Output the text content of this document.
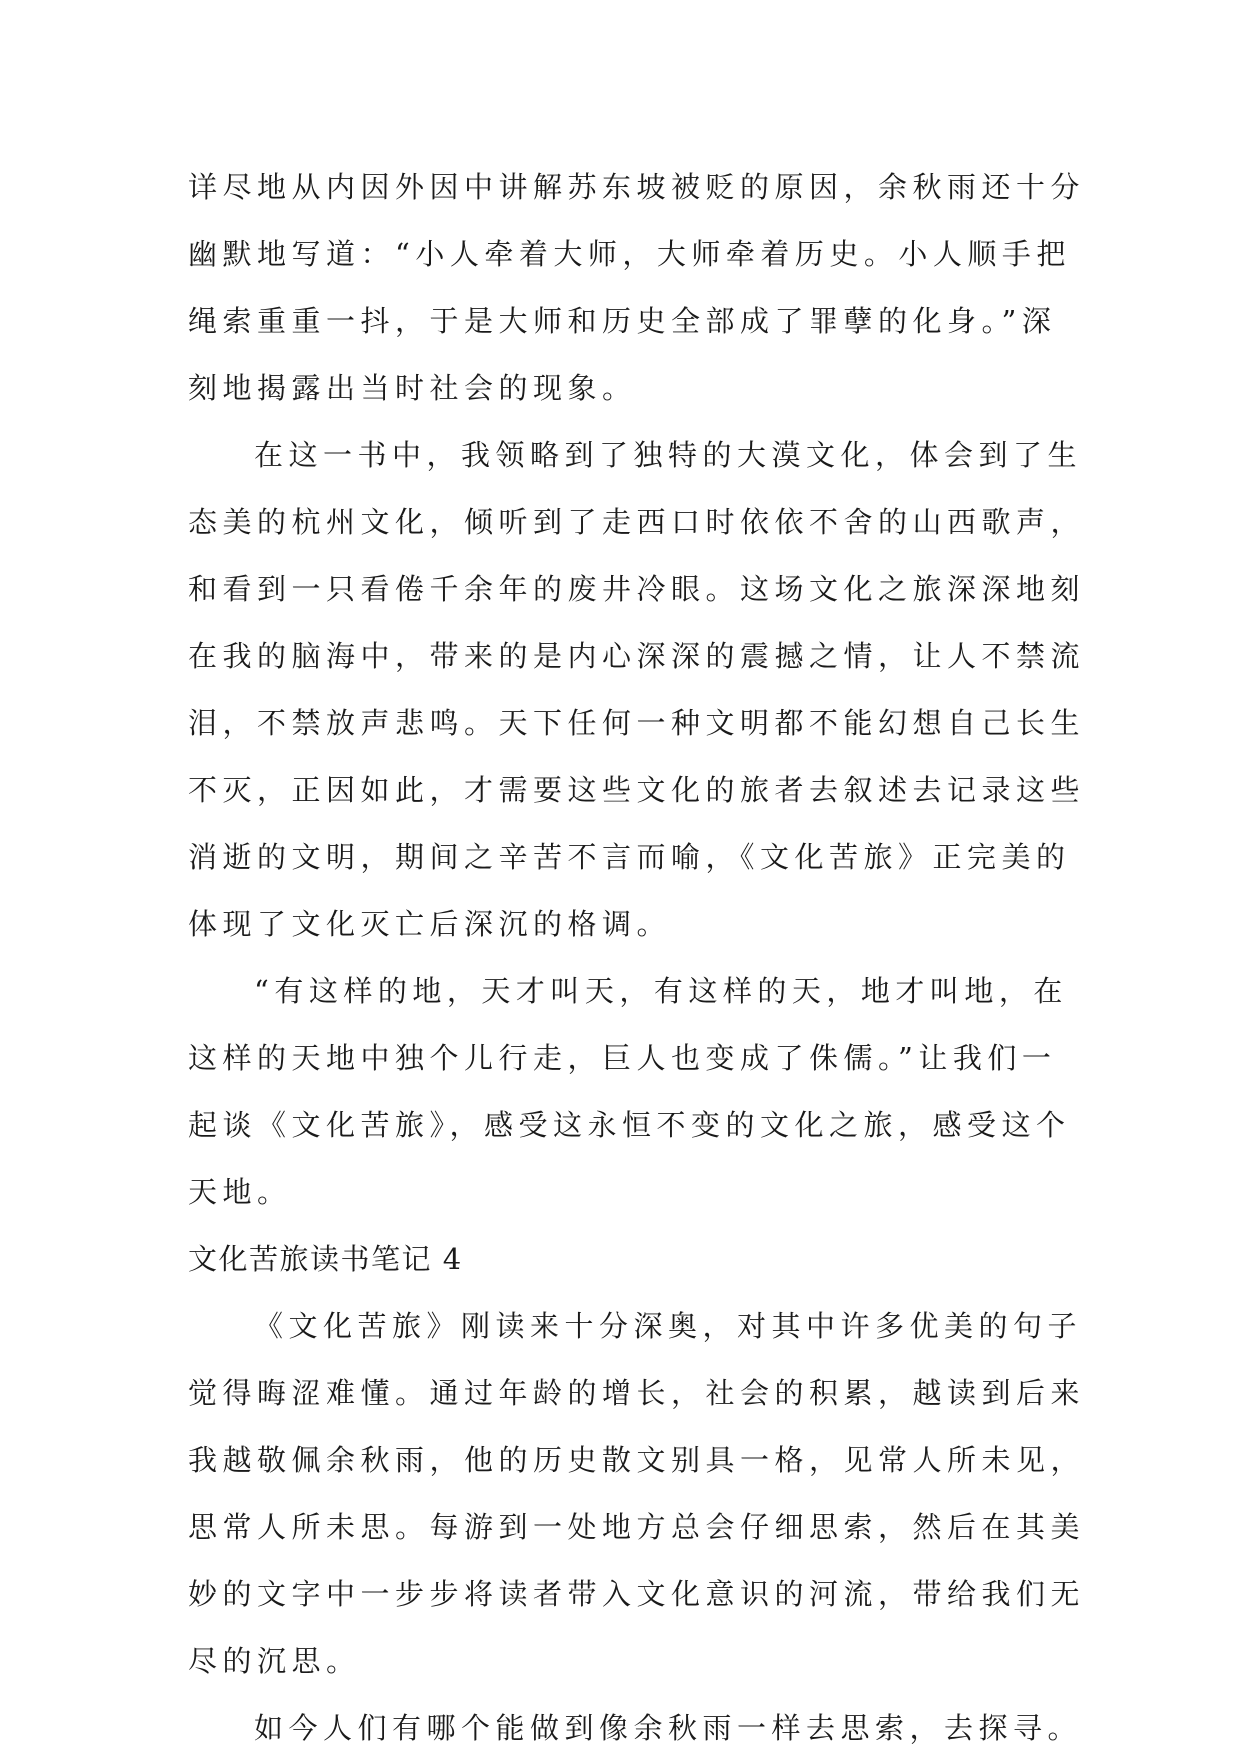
详尽地从内因外因中讲解苏东坡被贬的原因，余秋雨还十分
幽默地写道：“小人牵着大师，大师牵着历史。小人顺手把
绳索重重一抖，于是大师和历史全部成了罪孽的化身。”深
刻地揭露出当时社会的现象。
在这一书中，我领略到了独特的大漠文化，体会到了生
态美的杭州文化，倾听到了走西口时依依不舍的山西歌声，
和看到一只看倦千余年的废井冷眼。这场文化之旅深深地刻
在我的脑海中，带来的是内心深深的震撼之情，让人不禁流
泪，不禁放声悲鸣。天下任何一种文明都不能幻想自己长生
不灭，正因如此，才需要这些文化的旅者去叙述去记录这些
消逝的文明，期间之辛苦不言而喻，《文化苦旅》正完美的
体现了文化灭亡后深沉的格调。
“有这样的地，天才叫天，有这样的天，地才叫地，在
这样的天地中独个儿行走，巨人也变成了侏儒。”让我们一
起谈《文化苦旅》，感受这永恒不变的文化之旅，感受这个
天地。
文化苦旅读书笔记 4
《文化苦旅》刚读来十分深奥，对其中许多优美的句子
觉得晦涩难懂。通过年龄的增长，社会的积累，越读到后来
我越敬佩余秋雨，他的历史散文别具一格，见常人所未见，
思常人所未思。每游到一处地方总会仔细思索，然后在其美
妙的文字中一步步将读者带入文化意识的河流，带给我们无
尽的沉思。
如今人们有哪个能做到像余秋雨一样去思索，去探寻。
